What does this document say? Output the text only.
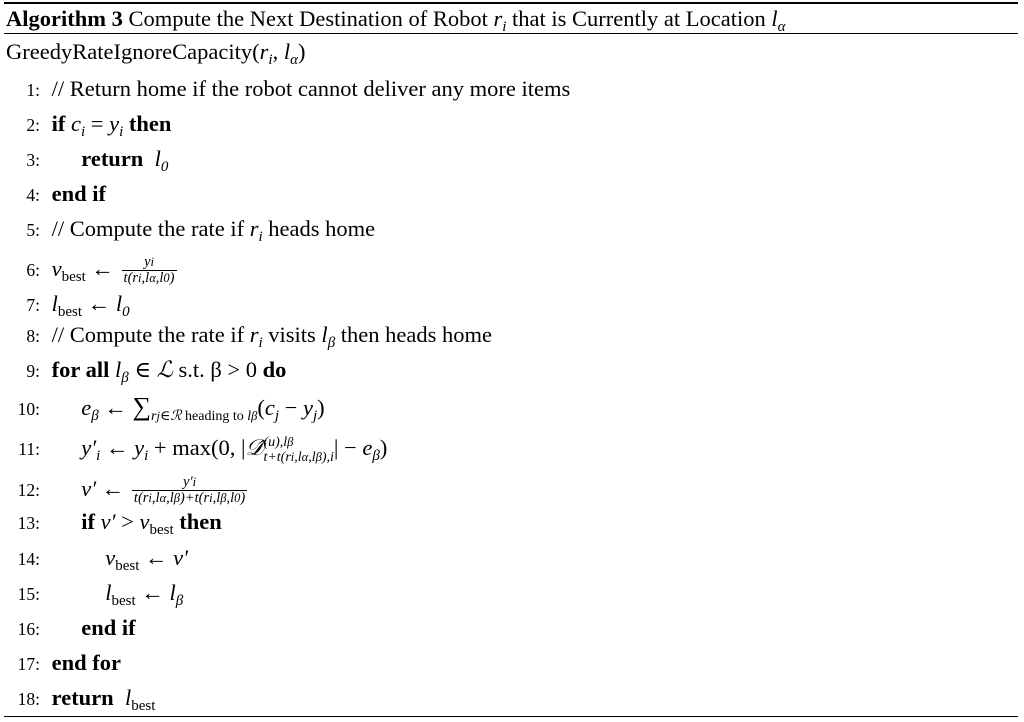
Algorithm 3 Compute the Next Destination of Robot $r_i$ that is Currently at Location $l_\alpha$
$GreedyRateIgnoreCapacity(r_i$, $l_\alpha$)
1: // Return home if the robot cannot deliver any more items
2: if $c_i = y_i$ then
3: return  $l_0$
4: end if
5: // Compute the rate if $r_i$ heads home
6: $v_{best}$ ← $\frac{yi}{t(ri,l\alpha,l0)}$
7: $l_{best}$ ← $l_0$
8: // Compute the rate if $r_i$ visits $l_\beta$ then heads home
9: for all $l_\beta$ ∈ ℒ s.t. β > 0 do
10: $e_\beta$ ← $\sum_{rj\in ℛ}$ $_{heading to l\beta}(c_j - y_j)$
11: $y'_i$ ← $y_i + \max(0$, |𝒟̂ (u),lβ
t+t(ri,lα,lβ),i | − $e_\beta$)
12: v′ ← $\frac{y'i}{t(ri,l\alpha,l\beta)+t(ri,l\beta,l0)}$
13: if $v' > v_{best}$ then
14:	$v_{best}$ ← v′
15:	$l_{best}$ ← $l_\beta$
16: end if
17: end for
18: return  $l_{best}$
